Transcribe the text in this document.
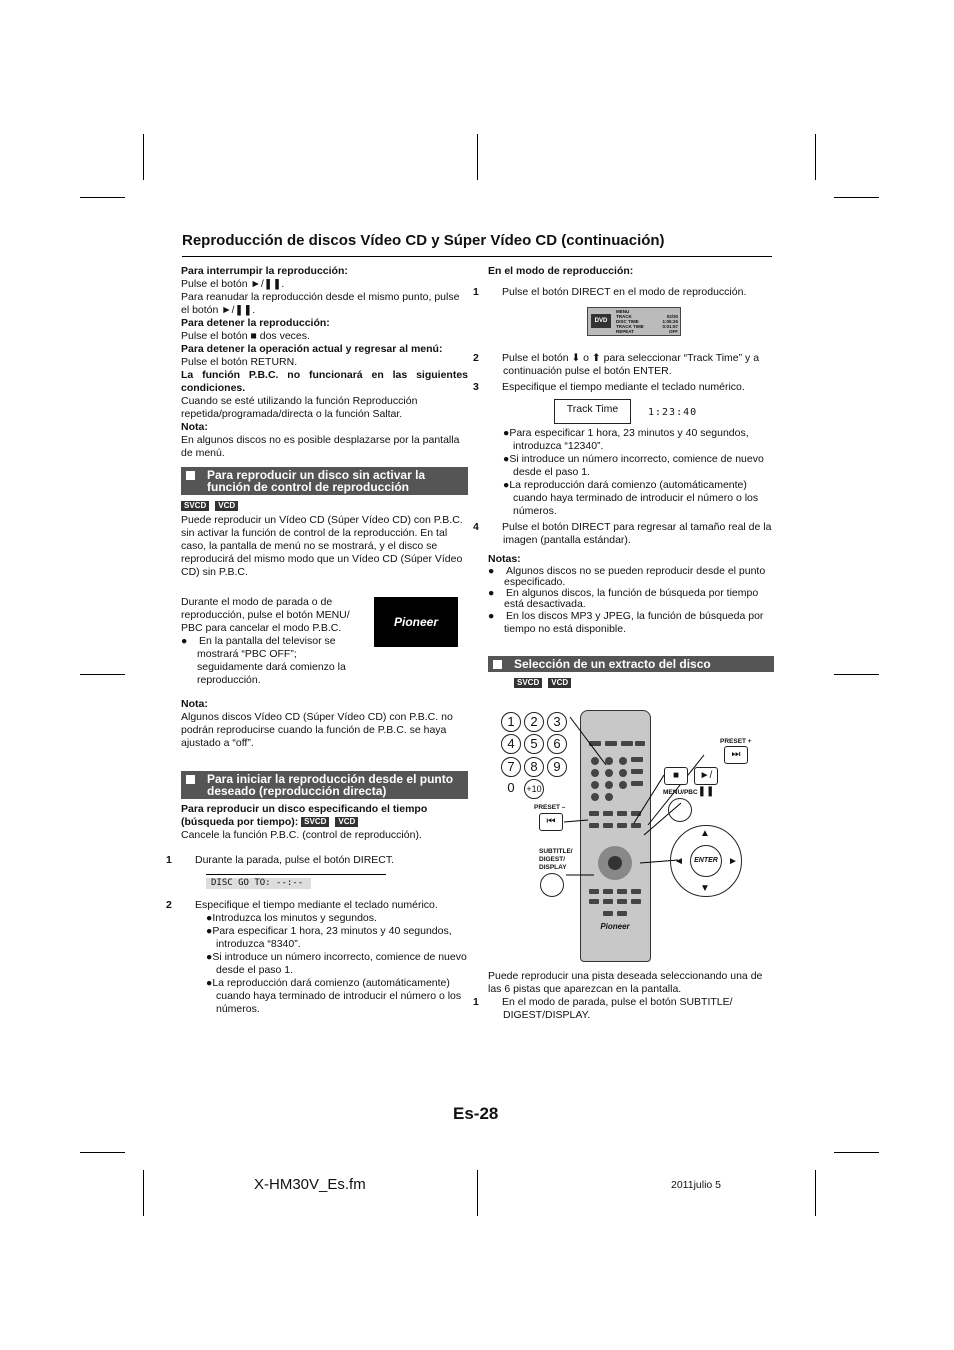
Reproducción de discos Vídeo CD y Súper Vídeo CD (continuación)

Para interrumpir la reproducción:

Pulse el botón ►/❚❚.

Para reanudar la reproducción desde el mismo punto, pulse el botón ►/❚❚.

Para detener la reproducción:

Pulse el botón ■ dos veces.

Para detener la operación actual y regresar al menú:

Pulse el botón RETURN.

La función P.B.C. no funcionará en las siguientes condiciones.

Cuando se esté utilizando la función Reproducción repetida/programada/directa o la función Saltar.

Nota:

En algunos discos no es posible desplazarse por la pantalla de menú.

Para reproducir un disco sin activar la función de control de reproducción
SVCD VCD

Puede reproducir un Vídeo CD (Súper Vídeo CD) con P.B.C. sin activar la función de control de la reproducción. En tal caso, la pantalla de menú no se mostrará, y el disco se reproducirá del mismo modo que un Vídeo CD (Súper Vídeo CD) sin P.B.C.

Durante el modo de parada o de reproducción, pulse el botón MENU/ PBC para cancelar el modo P.B.C.

●    En la pantalla del televisor se mostrará “PBC OFF”; seguidamente dará comienzo la reproducción.

Pioneer

Nota:

Algunos discos Vídeo CD (Súper Vídeo CD) con P.B.C. no podrán reproducirse cuando la función de P.B.C. se haya ajustado a “off”.

Para iniciar la reproducción desde el punto deseado (reproducción directa)

Para reproducir un disco especificando el tiempo (búsqueda por tiempo): SVCD VCD

Cancele la función P.B.C. (control de reproducción).

1 Durante la parada, pulse el botón DIRECT.

DISC GO TO: --:--

2 Especifique el tiempo mediante el teclado numérico.

●Introduzca los minutos y segundos.

●Para especificar 1 hora, 23 minutos y 40 segundos, introduzca “8340”.

●Si introduce un número incorrecto, comience de nuevo desde el paso 1.

●La reproducción dará comienzo (automáticamente) cuando haya terminado de introducir el número o los números.

En el modo de reproducción:

1 Pulse el botón DIRECT en el modo de reproducción.

DVD
MENU
TRACK	02/30
DISC TIME	1:06:26
TRACK TIME	0:01:57
REPEAT	OFF

2 Pulse el botón ⬇ o ⬆ para seleccionar “Track Time” y a continuación pulse el botón ENTER.

3 Especifique el tiempo mediante el teclado numérico.

Track Time	1:23:40

●Para especificar 1 hora, 23 minutos y 40 segundos, introduzca “12340”.

●Si introduce un número incorrecto, comience de nuevo desde el paso 1.

●La reproducción dará comienzo (automáticamente) cuando haya terminado de introducir el número o los números.

4 Pulse el botón DIRECT para regresar al tamaño real de la imagen (pantalla estándar).

Notas:

●    Algunos discos no se pueden reproducir desde el punto especificado.

●    En algunos discos, la función de búsqueda por tiempo está desactivada.

●    En los discos MP3 y JPEG, la función de búsqueda por tiempo no está disponible.

Selección de un extracto del disco
SVCD VCD
1	2	3
4	5	6
7	8	9
0	+10
PRESET –
⏮
SUBTITLE/ DIGEST/ DISPLAY
Pioneer
PRESET +
⏭
■	►/❚❚
MENU/PBC
ENTER
▲
▼
◄	►

Puede reproducir una pista deseada seleccionando una de las 6 pistas que aparezcan en la pantalla.

1 En el modo de parada, pulse el botón SUBTITLE/ DIGEST/DISPLAY.

Es-28
X-HM30V_Es.fm	2011julio 5
